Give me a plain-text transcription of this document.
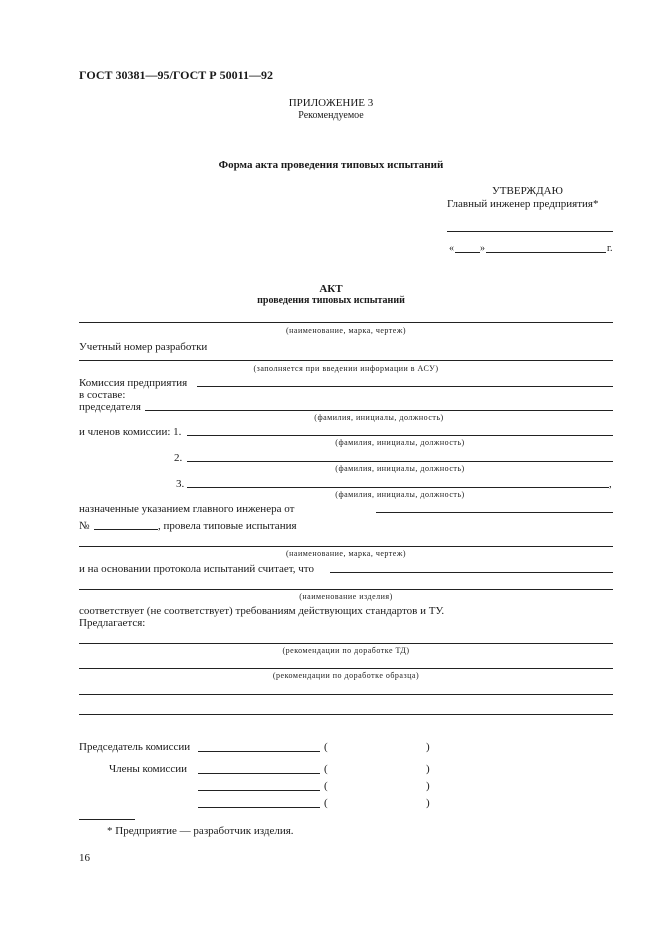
ГОСТ 30381—95/ГОСТ Р 50011—92
ПРИЛОЖЕНИЕ 3
Рекомендуемое
Форма акта проведения типовых испытаний
УТВЕРЖДАЮ
Главный инженер предприятия*
«	»	г.
АКТ
проведения типовых испытаний
(наименование, марка, чертеж)
Учетный номер разработки
(заполняется при введении информации в АСУ)
Комиссия предприятия
в составе:
председателя
(фамилия, инициалы, должность)
и членов комиссии: 1.
(фамилия, инициалы, должность)
2.
(фамилия, инициалы, должность)
3.	,
(фамилия, инициалы, должность)
назначенные указанием главного инженера от
№	, провела типовые испытания
(наименование, марка, чертеж)
и на основании протокола испытаний считает, что
(наименование изделия)
соответствует (не соответствует) требованиям действующих стандартов и ТУ.
Предлагается:
(рекомендации по доработке ТД)
(рекомендации по доработке образца)
Председатель комиссии	(	)
Члены комиссии	(	)
(	)
(	)
* Предприятие — разработчик изделия.
16
